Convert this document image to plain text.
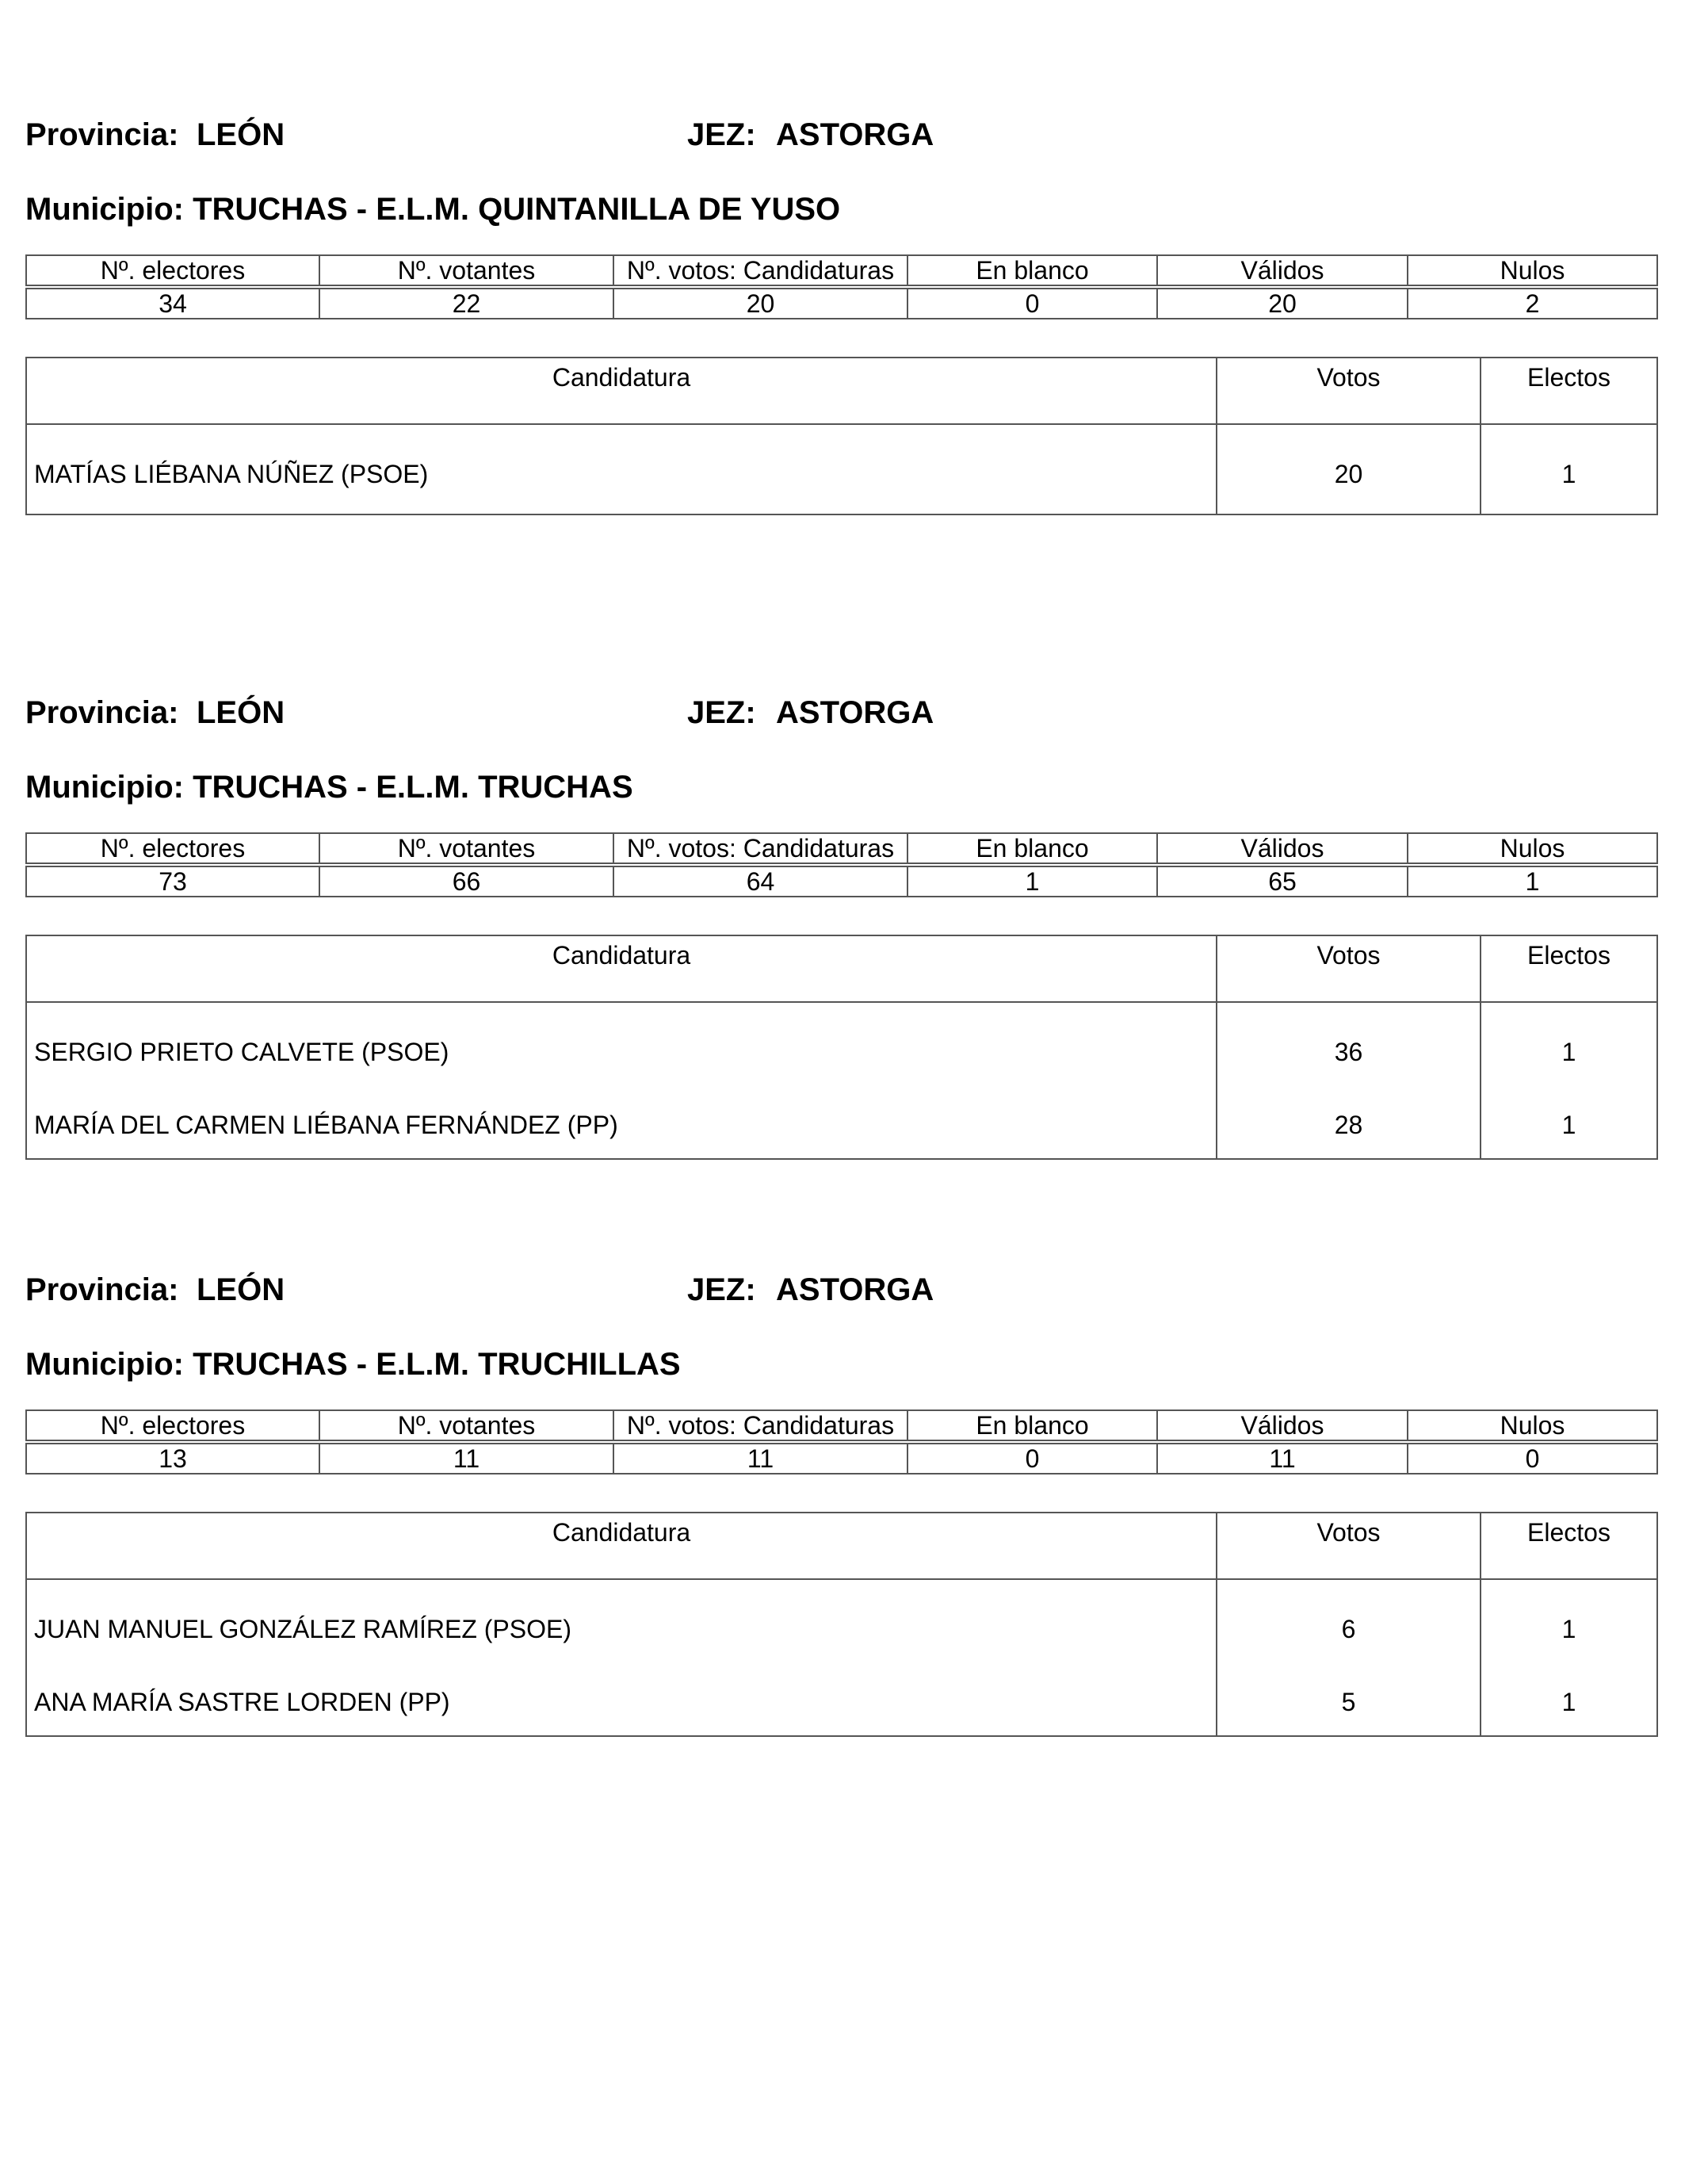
Provincia: LEÓN	JEZ: ASTORGA
Municipio: TRUCHAS - E.L.M. QUINTANILLA DE YUSO
Nº. electores	Nº. votantes	Nº. votos: Candidaturas	En blanco	Válidos	Nulos

34	22	20	0	20	2
Candidatura	Votos	Electos
MATÍAS LIÉBANA NÚÑEZ (PSOE)	20	1
Provincia: LEÓN	JEZ: ASTORGA
Municipio: TRUCHAS - E.L.M. TRUCHAS
Nº. electores	Nº. votantes	Nº. votos: Candidaturas	En blanco	Válidos	Nulos

73	66	64	1	65	1
Candidatura	Votos	Electos
SERGIO PRIETO CALVETE (PSOE)	36	1
MARÍA DEL CARMEN LIÉBANA FERNÁNDEZ (PP)	28	1
Provincia: LEÓN	JEZ: ASTORGA
Municipio: TRUCHAS - E.L.M. TRUCHILLAS
Nº. electores	Nº. votantes	Nº. votos: Candidaturas	En blanco	Válidos	Nulos

13	11	11	0	11	0
Candidatura	Votos	Electos
JUAN MANUEL GONZÁLEZ RAMÍREZ (PSOE)	6	1
ANA MARÍA SASTRE LORDEN (PP)	5	1
